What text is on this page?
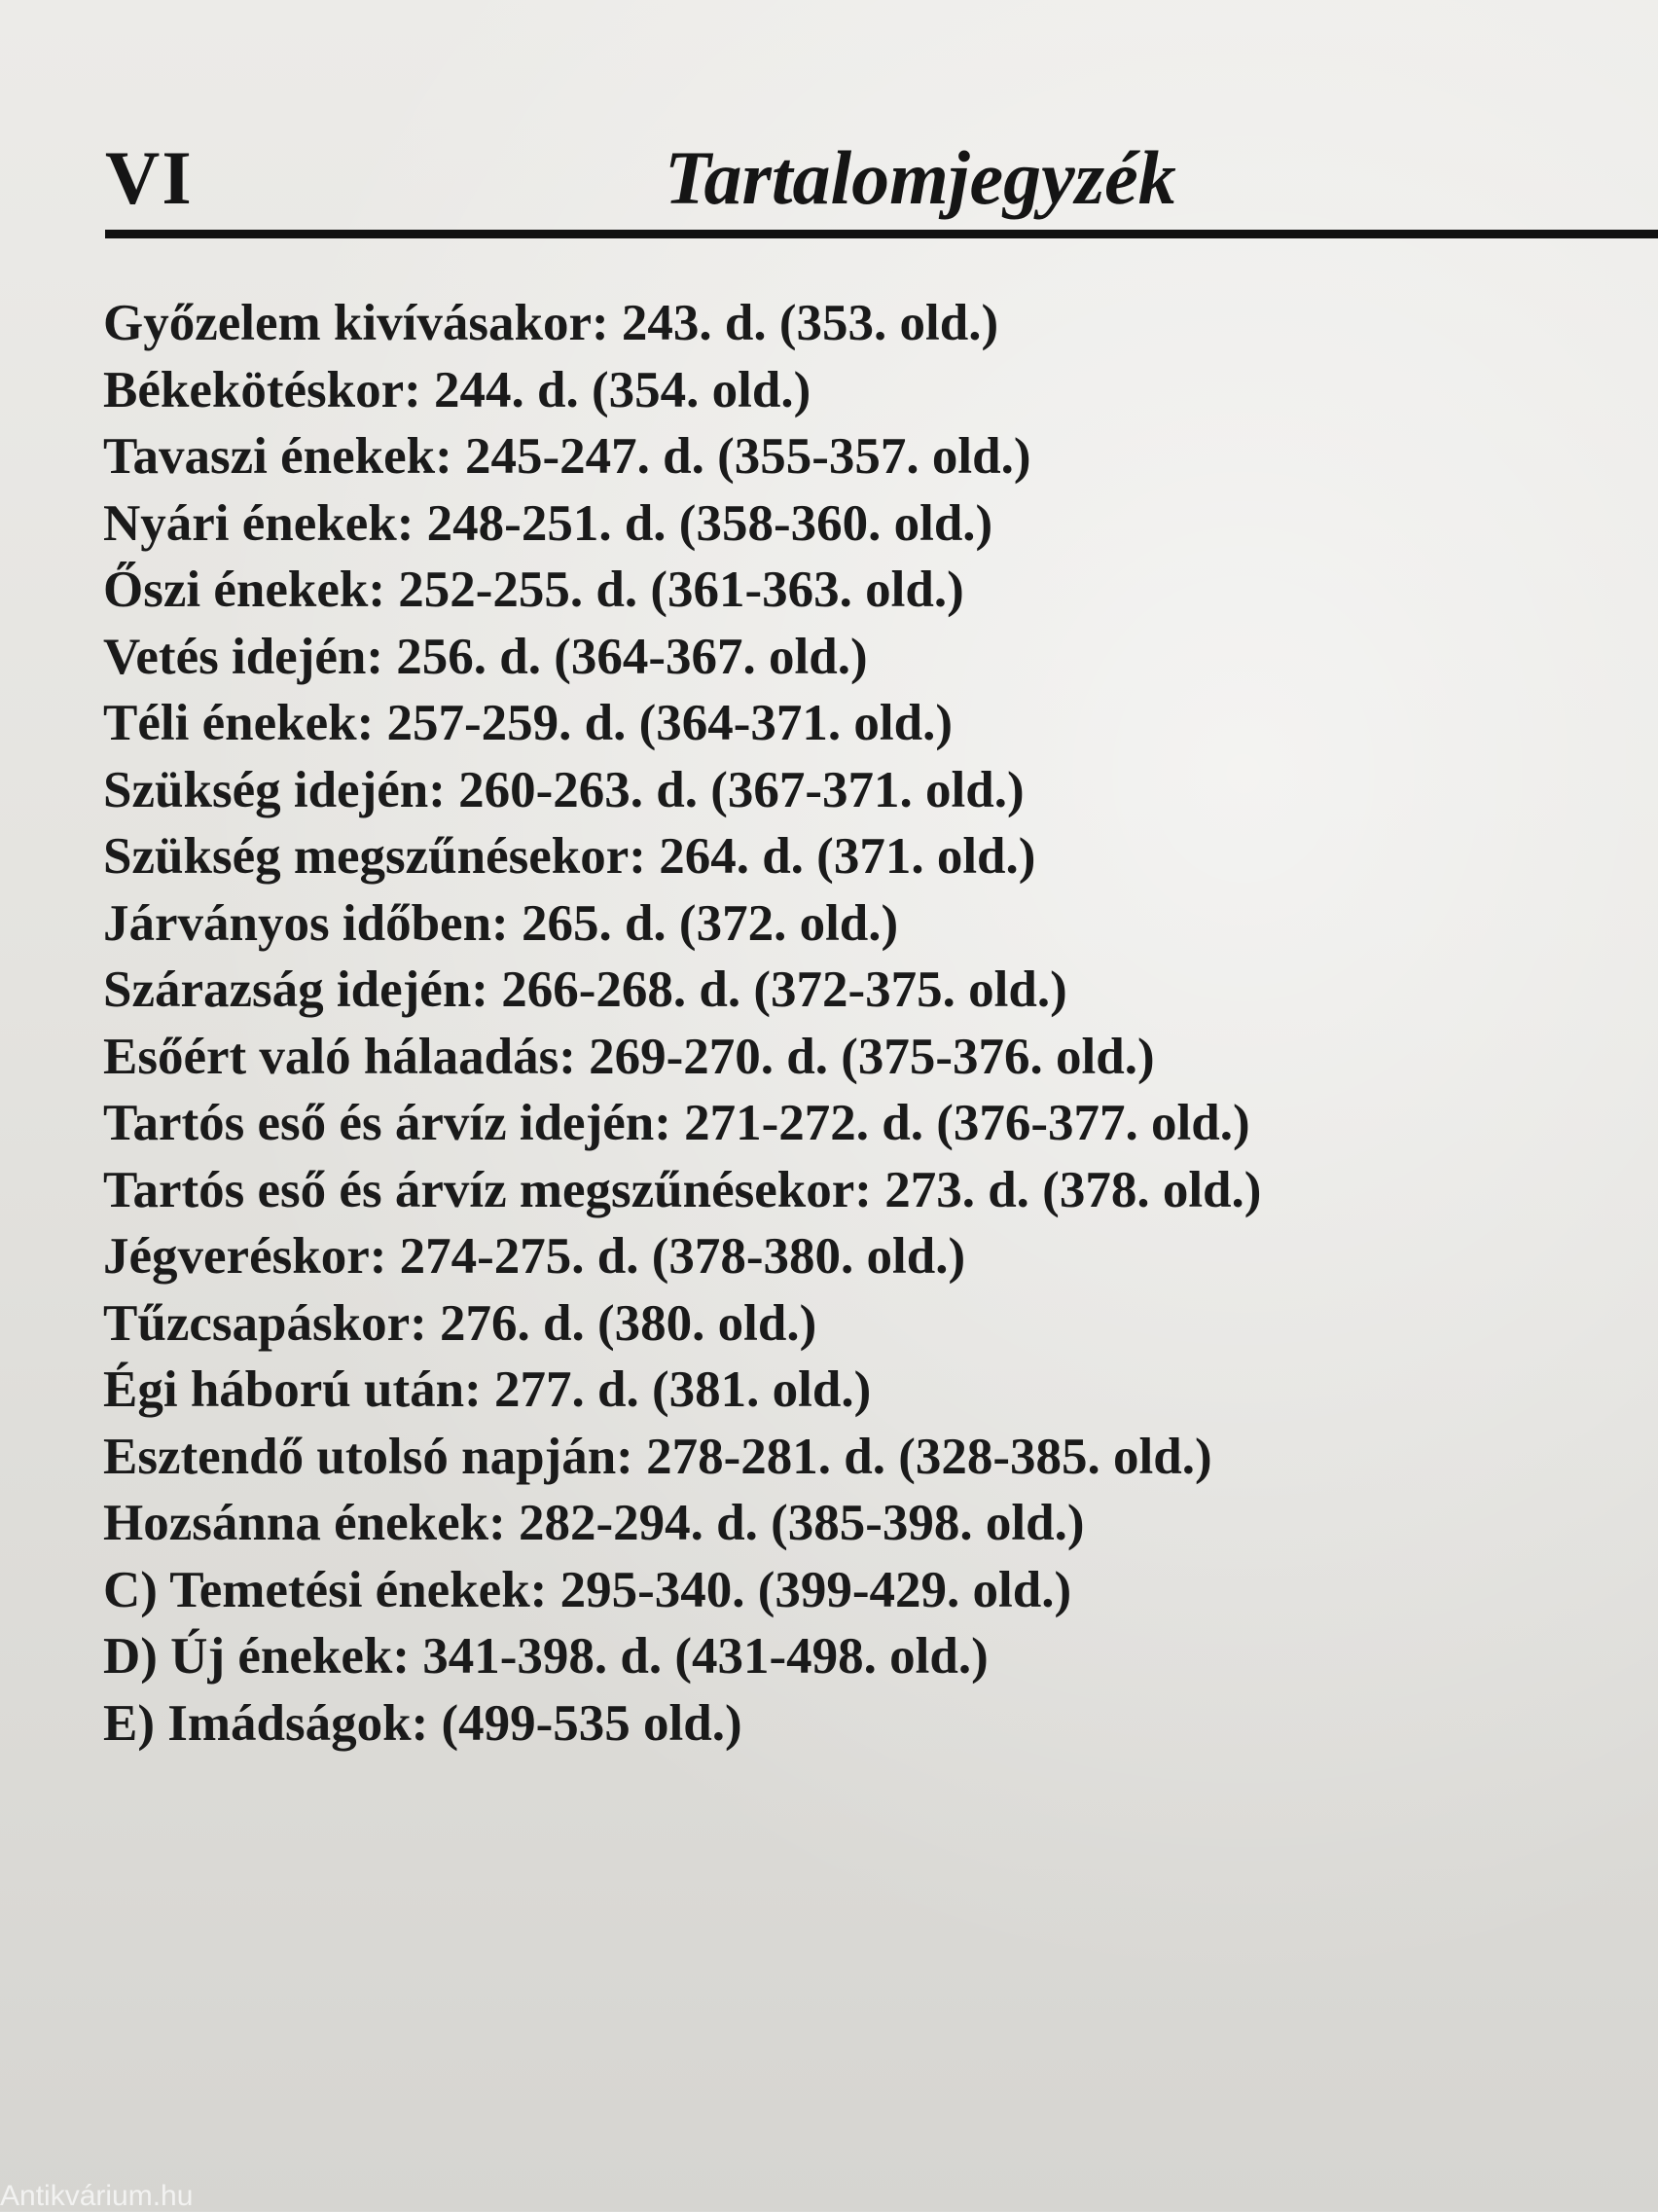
VI	Tartalomjegyzék
Győzelem kivívásakor: 243. d. (353. old.)
Békekötéskor: 244. d. (354. old.)
Tavaszi énekek: 245-247. d. (355-357. old.)
Nyári énekek: 248-251. d. (358-360. old.)
Őszi énekek: 252-255. d. (361-363. old.)
Vetés idején: 256. d. (364-367. old.)
Téli énekek: 257-259. d. (364-371. old.)
Szükség idején: 260-263. d. (367-371. old.)
Szükség megszűnésekor: 264. d. (371. old.)
Járványos időben: 265. d. (372. old.)
Szárazság idején: 266-268. d. (372-375. old.)
Esőért való hálaadás: 269-270. d. (375-376. old.)
Tartós eső és árvíz idején: 271-272. d. (376-377. old.)
Tartós eső és árvíz megszűnésekor: 273. d. (378. old.)
Jégveréskor: 274-275. d. (378-380. old.)
Tűzcsapáskor: 276. d. (380. old.)
Égi háború után: 277. d. (381. old.)
Esztendő utolsó napján: 278-281. d. (328-385. old.)
Hozsánna énekek: 282-294. d. (385-398. old.)
C) Temetési énekek: 295-340. (399-429. old.)
D) Új énekek: 341-398. d. (431-498. old.)
E) Imádságok: (499-535 old.)
Antikvárium.hu
